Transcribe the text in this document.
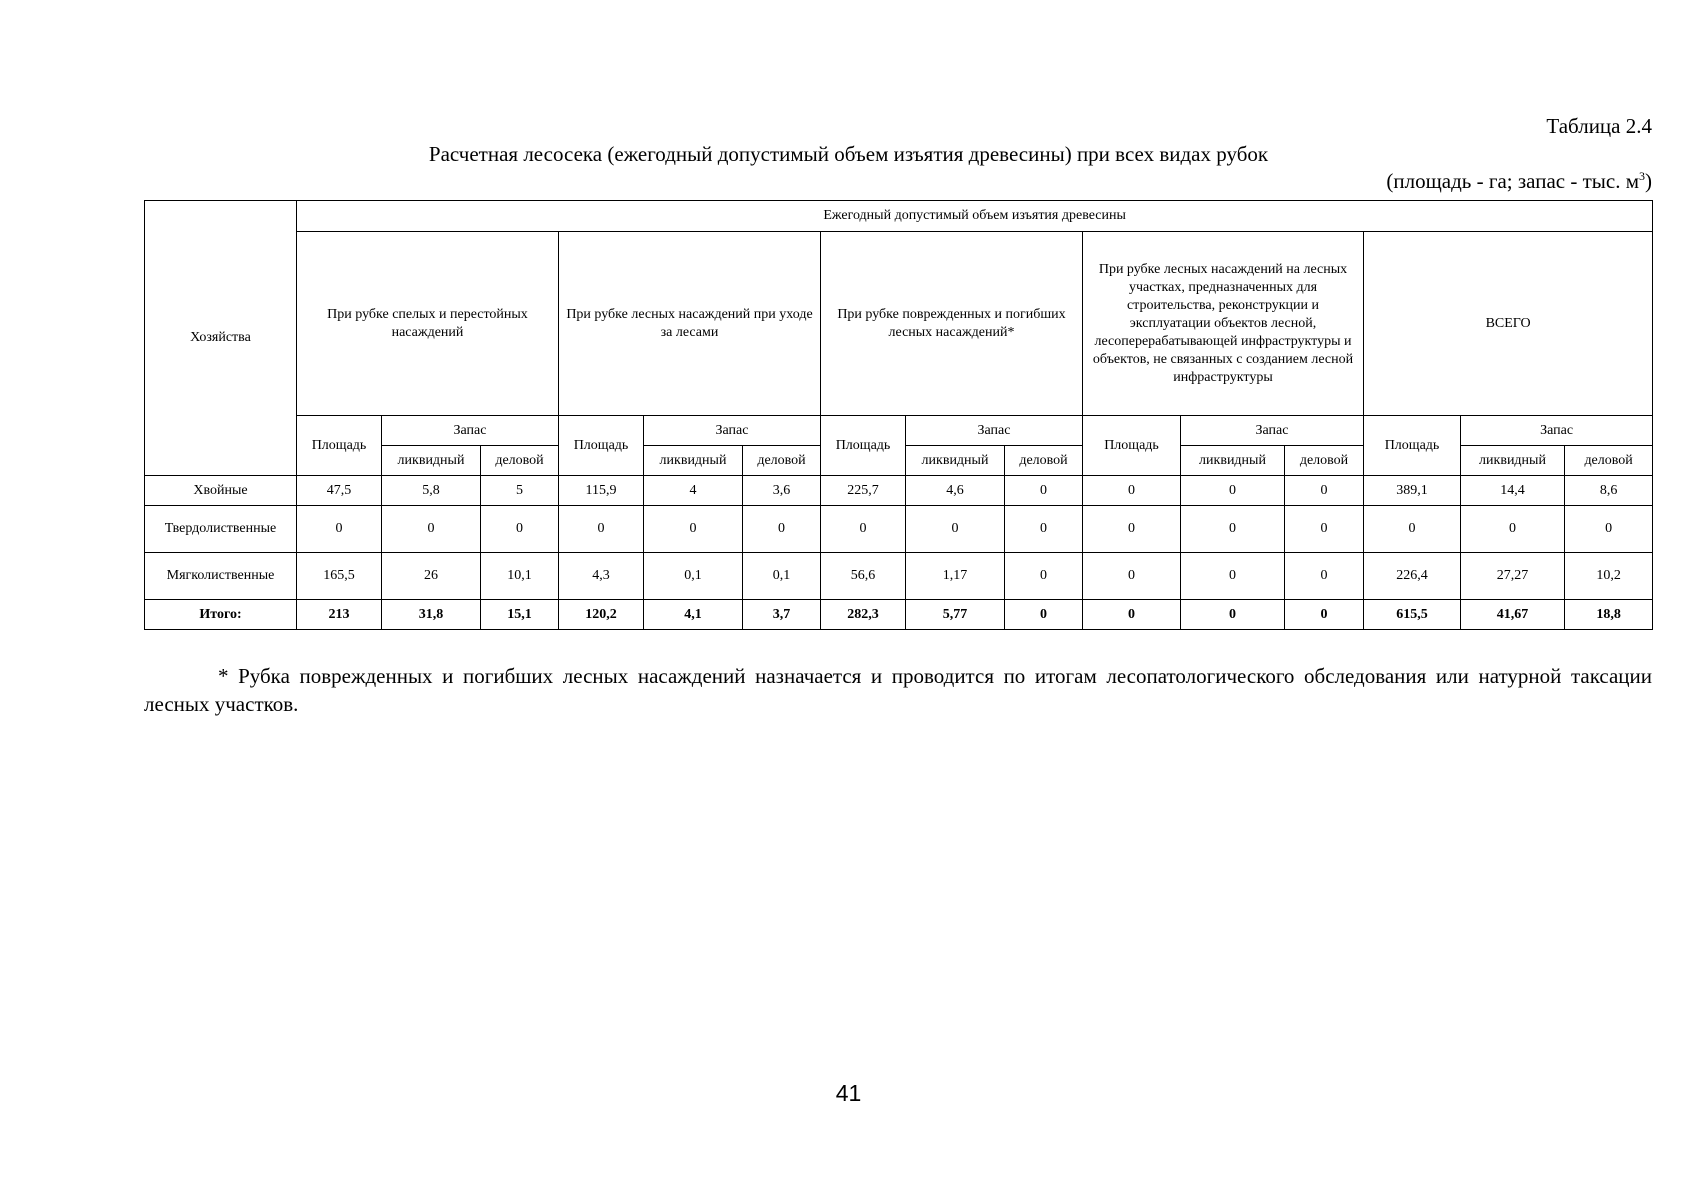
Таблица 2.4
Расчетная лесосека (ежегодный допустимый объем изъятия древесины) при всех видах рубок
(площадь - га; запас - тыс. $м^3$)
Хозяйства	Ежегодный допустимый объем изъятия древесины														
	При рубке спелых и перестойных насаждений			При рубке лесных насаждений при уходе за лесами			При рубке поврежденных и погибших лесных насаждений*			При рубке лесных насаждений на лесных участках, предназначенных для строительства, реконструкции и эксплуатации объектов лесной, лесоперерабатывающей инфраструктуры и объектов, не связанных с созданием лесной инфраструктуры			ВСЕГО		
	Площадь	Запас		Площадь	Запас		Площадь	Запас		Площадь	Запас		Площадь	Запас	
		ликвидный	деловой		ликвидный	деловой		ликвидный	деловой		ликвидный	деловой		ликвидный	деловой
Хвойные	47,5	5,8	5	115,9	4	3,6	225,7	4,6	0	0	0	0	389,1	14,4	8,6
Твердолиственные	0	0	0	0	0	0	0	0	0	0	0	0	0	0	0
Мягколиственные	165,5	26	10,1	4,3	0,1	0,1	56,6	1,17	0	0	0	0	226,4	27,27	10,2
Итого:	213	31,8	15,1	120,2	4,1	3,7	282,3	5,77	0	0	0	0	615,5	41,67	18,8
* Рубка поврежденных и погибших лесных насаждений назначается и проводится по итогам лесопатологического обследования или натурной таксации лесных участков.
41
